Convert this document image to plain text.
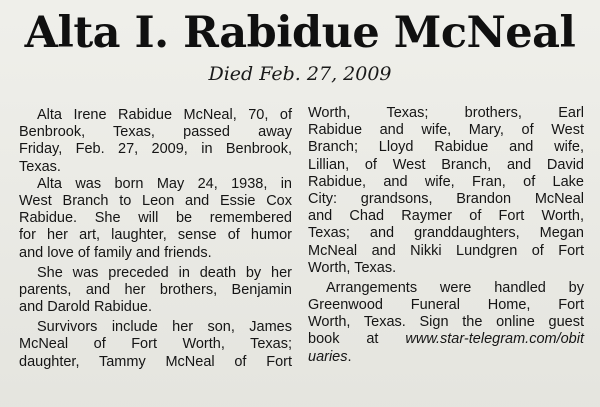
Alta I. Rabidue McNeal
Died Feb. 27, 2009
Alta Irene Rabidue McNeal, 70, of
Benbrook, Texas, passed away
Friday, Feb. 27, 2009, in Benbrook,
Texas.
Alta was born May 24, 1938, in
West Branch to Leon and Essie Cox
Rabidue. She will be remembered
for her art, laughter, sense of humor
and love of family and friends.
She was preceded in death by her
parents, and her brothers, Benjamin
and Darold Rabidue.
Survivors include her son, James
McNeal of Fort Worth, Texas;
daughter, Tammy McNeal of Fort
Worth, Texas; brothers, Earl
Rabidue and wife, Mary, of West
Branch; Lloyd Rabidue and wife,
Lillian, of West Branch, and David
Rabidue, and wife, Fran, of Lake
City: grandsons, Brandon McNeal
and Chad Raymer of Fort Worth,
Texas; and granddaughters, Megan
McNeal and Nikki Lundgren of Fort
Worth, Texas.
Arrangements were handled by
Greenwood Funeral Home, Fort
Worth, Texas. Sign the online guest
book at www.star-telegram.com/obit
uaries.
